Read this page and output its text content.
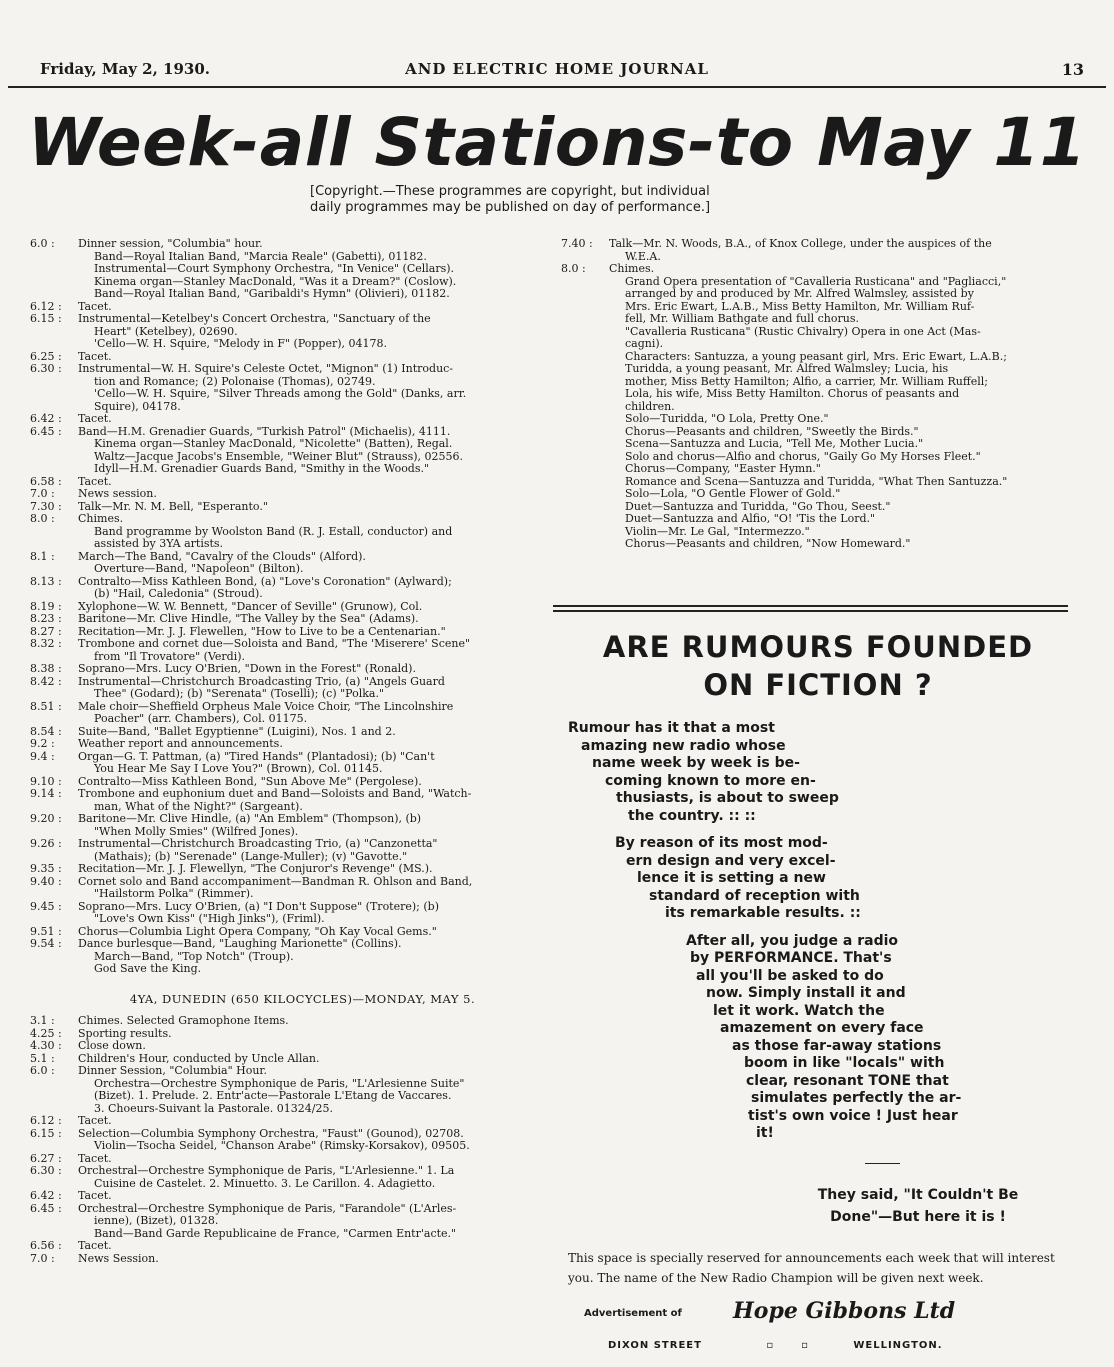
Friday, May 2, 1930.	AND ELECTRIC HOME JOURNAL	13
Week-all Stations-to May 11
[Copyright.—These programmes are copyright, but individual
daily programmes may be published on day of performance.]
6.0 :	Dinner session, "Columbia" hour.
Band—Royal Italian Band, "Marcia Reale" (Gabetti), 01182.
Instrumental—Court Symphony Orchestra, "In Venice" (Cellars).
Kinema organ—Stanley MacDonald, "Was it a Dream?" (Coslow).
Band—Royal Italian Band, "Garibaldi's Hymn" (Olivieri), 01182.
6.12 :	Tacet.
6.15 :	Instrumental—Ketelbey's Concert Orchestra, "Sanctuary of the
Heart" (Ketelbey), 02690.
'Cello—W. H. Squire, "Melody in F" (Popper), 04178.
6.25 :	Tacet.
6.30 :	Instrumental—W. H. Squire's Celeste Octet, "Mignon" (1) Introduc-
tion and Romance; (2) Polonaise (Thomas), 02749.
'Cello—W. H. Squire, "Silver Threads among the Gold" (Danks, arr.
Squire), 04178.
6.42 :	Tacet.
6.45 :	Band—H.M. Grenadier Guards, "Turkish Patrol" (Michaelis), 4111.
Kinema organ—Stanley MacDonald, "Nicolette" (Batten), Regal.
Waltz—Jacque Jacobs's Ensemble, "Weiner Blut" (Strauss), 02556.
Idyll—H.M. Grenadier Guards Band, "Smithy in the Woods."
6.58 :	Tacet.
7.0 :	News session.
7.30 :	Talk—Mr. N. M. Bell, "Esperanto."
8.0 :	Chimes.
Band programme by Woolston Band (R. J. Estall, conductor) and
assisted by 3YA artists.
8.1 :	March—The Band, "Cavalry of the Clouds" (Alford).
Overture—Band, "Napoleon" (Bilton).
8.13 :	Contralto—Miss Kathleen Bond, (a) "Love's Coronation" (Aylward);
(b) "Hail, Caledonia" (Stroud).
8.19 :	Xylophone—W. W. Bennett, "Dancer of Seville" (Grunow), Col.
8.23 :	Baritone—Mr. Clive Hindle, "The Valley by the Sea" (Adams).
8.27 :	Recitation—Mr. J. J. Flewellen, "How to Live to be a Centenarian."
8.32 :	Trombone and cornet due—Soloista and Band, "The 'Miserere' Scene"
from "Il Trovatore" (Verdi).
8.38 :	Soprano—Mrs. Lucy O'Brien, "Down in the Forest" (Ronald).
8.42 :	Instrumental—Christchurch Broadcasting Trio, (a) "Angels Guard
Thee" (Godard); (b) "Serenata" (Toselli); (c) "Polka."
8.51 :	Male choir—Sheffield Orpheus Male Voice Choir, "The Lincolnshire
Poacher" (arr. Chambers), Col. 01175.
8.54 :	Suite—Band, "Ballet Egyptienne" (Luigini), Nos. 1 and 2.
9.2 :	Weather report and announcements.
9.4 :	Organ—G. T. Pattman, (a) "Tired Hands" (Plantadosi); (b) "Can't
You Hear Me Say I Love You?" (Brown), Col. 01145.
9.10 :	Contralto—Miss Kathleen Bond, "Sun Above Me" (Pergolese).
9.14 :	Trombone and euphonium duet and Band—Soloists and Band, "Watch-
man, What of the Night?" (Sargeant).
9.20 :	Baritone—Mr. Clive Hindle, (a) "An Emblem" (Thompson), (b)
"When Molly Smies" (Wilfred Jones).
9.26 :	Instrumental—Christchurch Broadcasting Trio, (a) "Canzonetta"
(Mathais); (b) "Serenade" (Lange-Muller); (v) "Gavotte."
9.35 :	Recitation—Mr. J. J. Flewellyn, "The Conjuror's Revenge" (MS.).
9.40 :	Cornet solo and Band accompaniment—Bandman R. Ohlson and Band,
"Hailstorm Polka" (Rimmer).
9.45 :	Soprano—Mrs. Lucy O'Brien, (a) "I Don't Suppose" (Trotere); (b)
"Love's Own Kiss" ("High Jinks"), (Friml).
9.51 :	Chorus—Columbia Light Opera Company, "Oh Kay Vocal Gems."
9.54 :	Dance burlesque—Band, "Laughing Marionette" (Collins).
March—Band, "Top Notch" (Troup).
God Save the King.
4YA, DUNEDIN (650 KILOCYCLES)—MONDAY, MAY 5.
3.1 :	Chimes. Selected Gramophone Items.
4.25 :	Sporting results.
4.30 :	Close down.
5.1 :	Children's Hour, conducted by Uncle Allan.
6.0 :	Dinner Session, "Columbia" Hour.
Orchestra—Orchestre Symphonique de Paris, "L'Arlesienne Suite"
(Bizet). 1. Prelude. 2. Entr'acte—Pastorale L'Etang de Vaccares.
3. Choeurs-Suivant la Pastorale. 01324/25.
6.12 :	Tacet.
6.15 :	Selection—Columbia Symphony Orchestra, "Faust" (Gounod), 02708.
Violin—Tsocha Seidel, "Chanson Arabe" (Rimsky-Korsakov), 09505.
6.27 :	Tacet.
6.30 :	Orchestral—Orchestre Symphonique de Paris, "L'Arlesienne." 1. La
Cuisine de Castelet. 2. Minuetto. 3. Le Carillon. 4. Adagietto.
6.42 :	Tacet.
6.45 :	Orchestral—Orchestre Symphonique de Paris, "Farandole" (L'Arles-
ienne), (Bizet), 01328.
Band—Band Garde Republicaine de France, "Carmen Entr'acte."
6.56 :	Tacet.
7.0 :	News Session.
7.40 :	Talk—Mr. N. Woods, B.A., of Knox College, under the auspices of the
W.E.A.
8.0 :	Chimes.
Grand Opera presentation of "Cavalleria Rusticana" and "Pagliacci,"
arranged by and produced by Mr. Alfred Walmsley, assisted by
Mrs. Eric Ewart, L.A.B., Miss Betty Hamilton, Mr. William Ruf-
fell, Mr. William Bathgate and full chorus.
"Cavalleria Rusticana" (Rustic Chivalry) Opera in one Act (Mas-
cagni).
Characters: Santuzza, a young peasant girl, Mrs. Eric Ewart, L.A.B.;
Turidda, a young peasant, Mr. Alfred Walmsley; Lucia, his
mother, Miss Betty Hamilton; Alfio, a carrier, Mr. William Ruffell;
Lola, his wife, Miss Betty Hamilton. Chorus of peasants and
children.
Solo—Turidda, "O Lola, Pretty One."
Chorus—Peasants and children, "Sweetly the Birds."
Scena—Santuzza and Lucia, "Tell Me, Mother Lucia."
Solo and chorus—Alfio and chorus, "Gaily Go My Horses Fleet."
Chorus—Company, "Easter Hymn."
Romance and Scena—Santuzza and Turidda, "What Then Santuzza."
Solo—Lola, "O Gentle Flower of Gold."
Duet—Santuzza and Turidda, "Go Thou, Seest."
Duet—Santuzza and Alfio, "O! 'Tis the Lord."
Violin—Mr. Le Gal, "Intermezzo."
Chorus—Peasants and children, "Now Homeward."
ARE RUMOURS FOUNDED
ON FICTION ?
Rumour has it that a most
amazing new radio whose
name week by week is be-
coming known to more en-
thusiasts, is about to sweep
the country. :: ::
By reason of its most mod-
ern design and very excel-
lence it is setting a new
standard of reception with
its remarkable results. ::
After all, you judge a radio
by PERFORMANCE. That's
all you'll be asked to do
now. Simply install it and
let it work. Watch the
amazement on every face
as those far-away stations
boom in like "locals" with
clear, resonant TONE that
simulates perfectly the ar-
tist's own voice ! Just hear
it!
They said, "It Couldn't Be
Done"—But here it is !
This space is specially reserved for announcements each week that will interest you. The name of the New Radio Champion will be given next week.
Advertisement of Hope Gibbons Ltd
DIXON STREET	▫      ▫	WELLINGTON.
